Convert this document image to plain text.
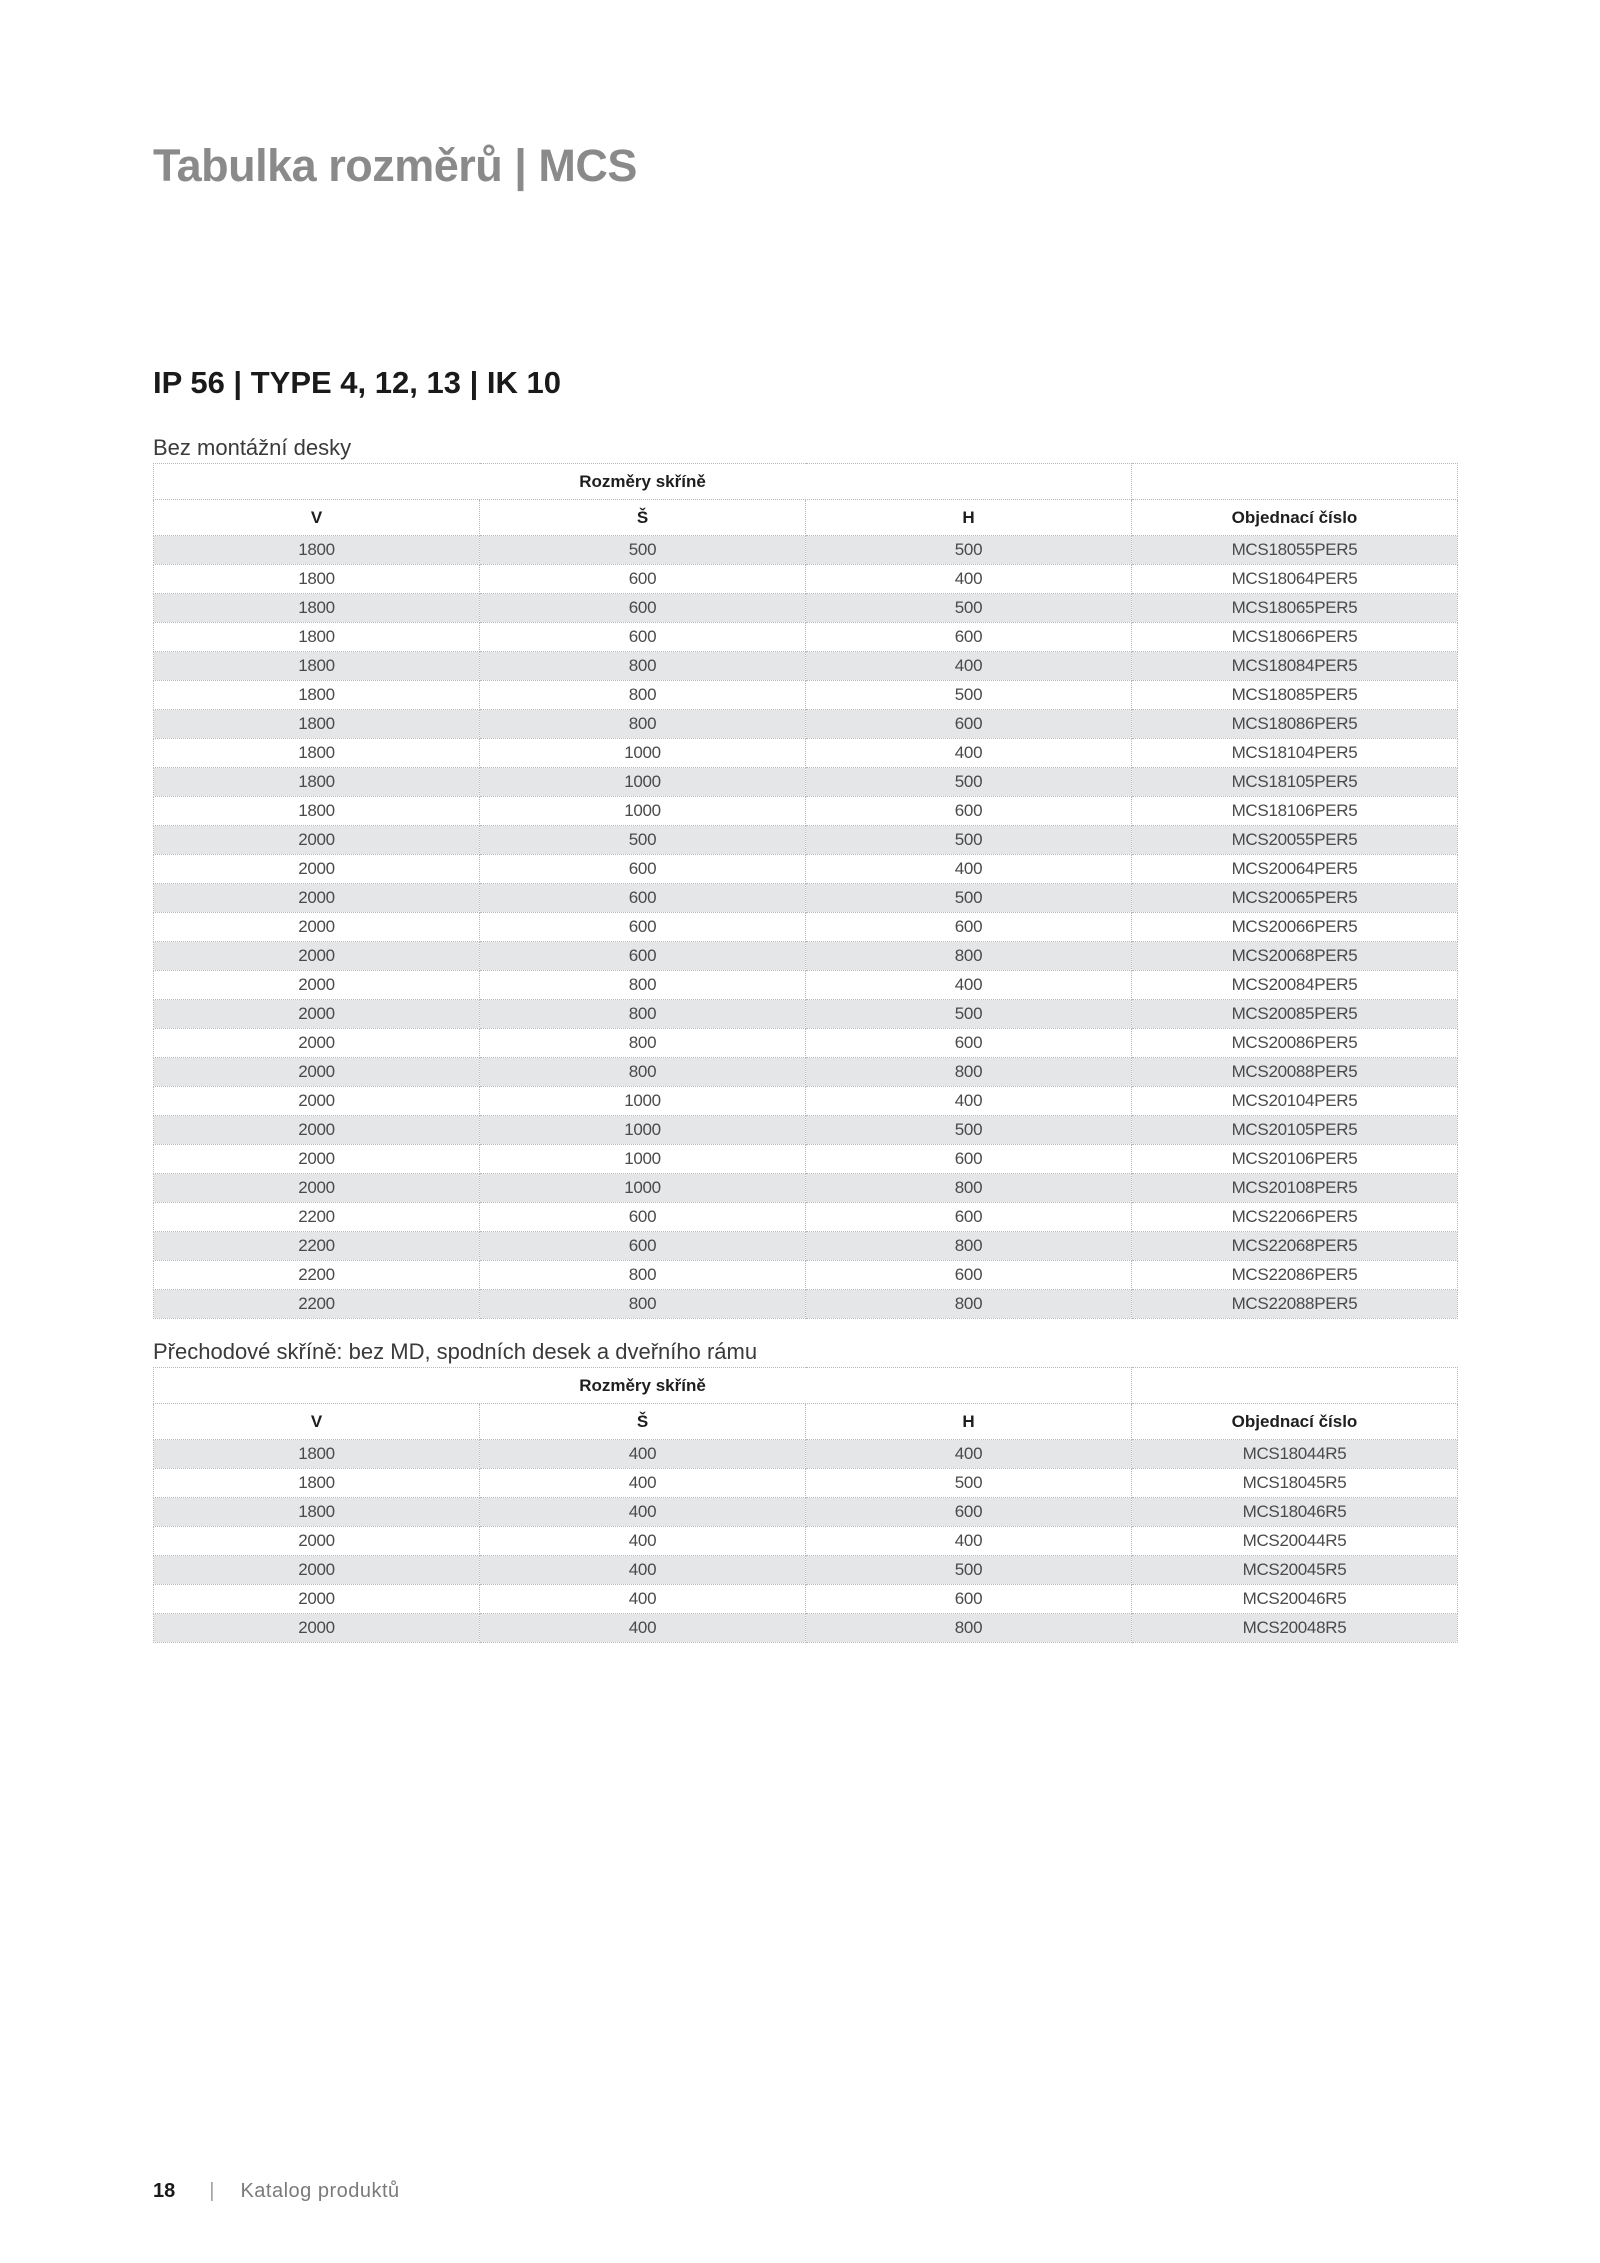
Tabulka rozměrů | MCS
IP 56 | TYPE 4, 12, 13 | IK 10
Bez montážní desky
Rozměry skříně			
V	Š	H	Objednací číslo
1800	500	500	MCS18055PER5
1800	600	400	MCS18064PER5
1800	600	500	MCS18065PER5
1800	600	600	MCS18066PER5
1800	800	400	MCS18084PER5
1800	800	500	MCS18085PER5
1800	800	600	MCS18086PER5
1800	1000	400	MCS18104PER5
1800	1000	500	MCS18105PER5
1800	1000	600	MCS18106PER5
2000	500	500	MCS20055PER5
2000	600	400	MCS20064PER5
2000	600	500	MCS20065PER5
2000	600	600	MCS20066PER5
2000	600	800	MCS20068PER5
2000	800	400	MCS20084PER5
2000	800	500	MCS20085PER5
2000	800	600	MCS20086PER5
2000	800	800	MCS20088PER5
2000	1000	400	MCS20104PER5
2000	1000	500	MCS20105PER5
2000	1000	600	MCS20106PER5
2000	1000	800	MCS20108PER5
2200	600	600	MCS22066PER5
2200	600	800	MCS22068PER5
2200	800	600	MCS22086PER5
2200	800	800	MCS22088PER5
Přechodové skříně: bez MD, spodních desek a dveřního rámu
Rozměry skříně			
V	Š	H	Objednací číslo
1800	400	400	MCS18044R5
1800	400	500	MCS18045R5
1800	400	600	MCS18046R5
2000	400	400	MCS20044R5
2000	400	500	MCS20045R5
2000	400	600	MCS20046R5
2000	400	800	MCS20048R5
18 | Katalog produktů
